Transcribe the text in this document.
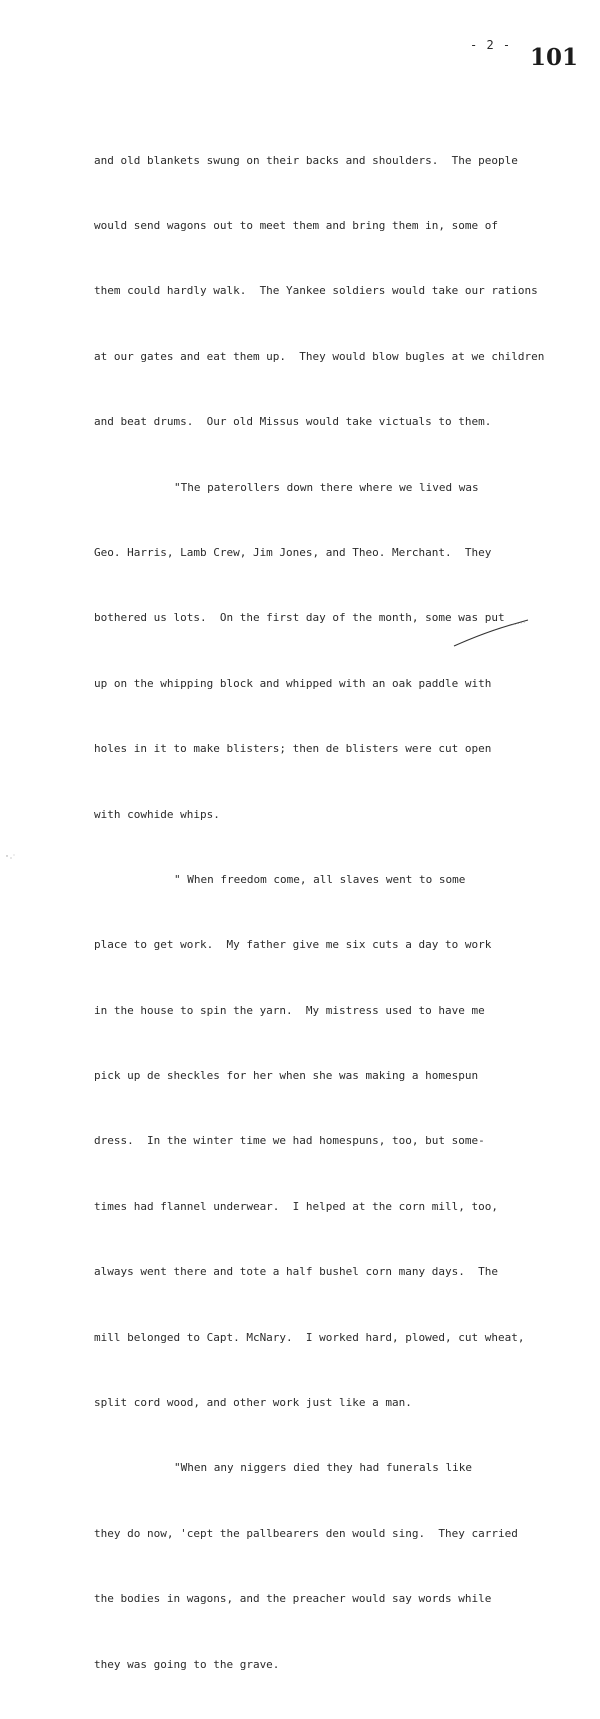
- 2 - 101

and old blankets swung on their backs and shoulders.  The people

would send wagons out to meet them and bring them in, some of

them could hardly walk.  The Yankee soldiers would take our rations

at our gates and eat them up.  They would blow bugles at we children

and beat drums.  Our old Missus would take victuals to them.

"The paterollers down there where we lived was

Geo. Harris, Lamb Crew, Jim Jones, and Theo. Merchant.  They

bothered us lots.  On the first day of the month, some was put

up on the whipping block and whipped with an oak paddle with

holes in it to make blisters; then de blisters were cut open

with cowhide whips.

" When freedom come, all slaves went to some

place to get work.  My father give me six cuts a day to work

in the house to spin the yarn.  My mistress used to have me

pick up de sheckles for her when she was making a homespun

dress.  In the winter time we had homespuns, too, but some-

times had flannel underwear.  I helped at the corn mill, too,

always went there and tote a half bushel corn many days.  The

mill belonged to Capt. McNary.  I worked hard, plowed, cut wheat,

split cord wood, and other work just like a man.

"When any niggers died they had funerals like

they do now, 'cept the pallbearers den would sing.  They carried

the bodies in wagons, and the preacher would say words while

they was going to the grave.
